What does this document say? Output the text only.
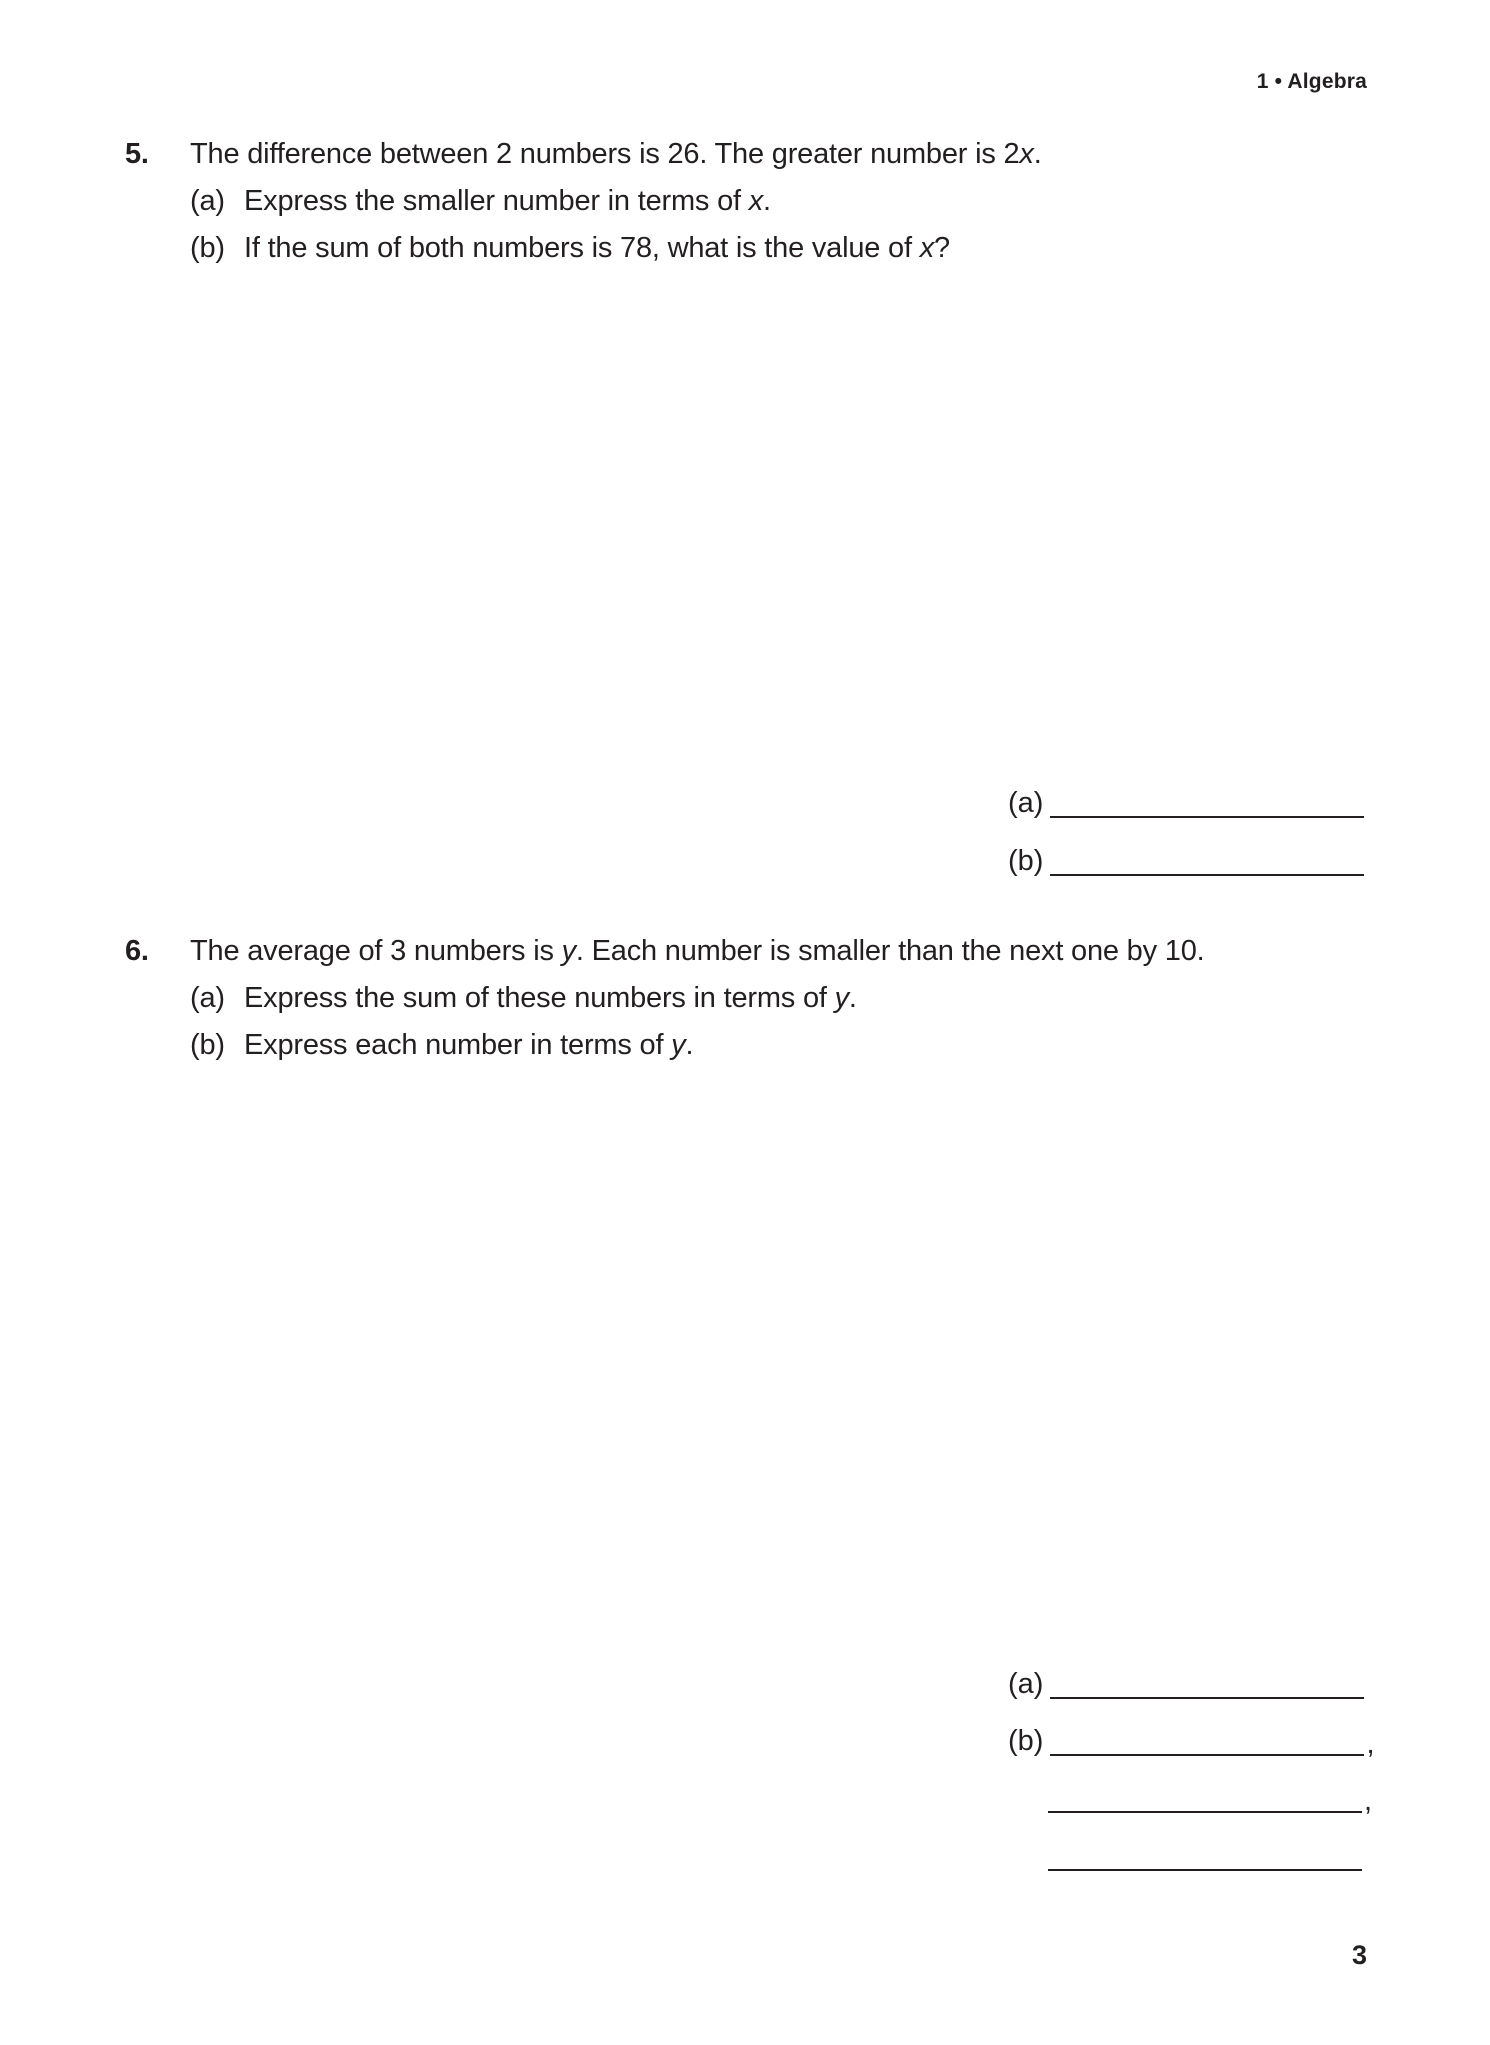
1 • Algebra
5.	The difference between 2 numbers is 26. The greater number is 2x.
(a) Express the smaller number in terms of x.
(b) If the sum of both numbers is 78, what is the value of x?
(a)
(b)
6.	The average of 3 numbers is y. Each number is smaller than the next one by 10.
(a) Express the sum of these numbers in terms of y.
(b) Express each number in terms of y.
(a)
(b)	,
,
3
